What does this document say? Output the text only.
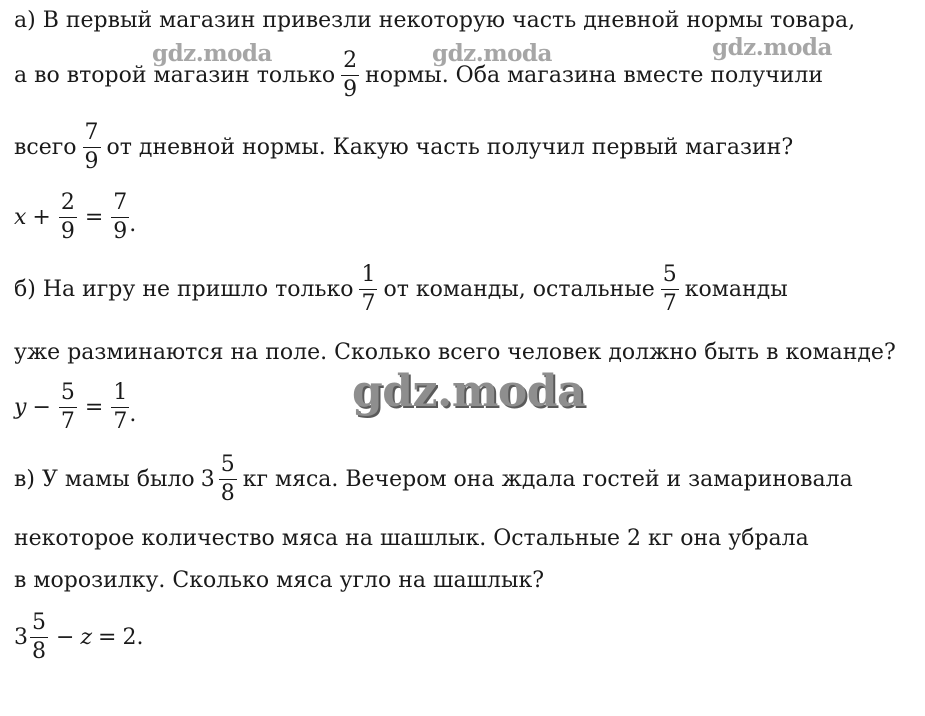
gdz.moda	gdz.moda	gdz.moda
gdz.moda
а) В первый магазин привезли некоторую часть дневной нормы товара,
а во второй магазин только $\frac{2}{9}$ нормы. Оба магазина вместе получили
всего $\frac{7}{9}$ от дневной нормы. Какую часть получил первый магазин?
$x + \frac{2}{9} = \frac{7}{9}$ .
б) На игру не пришло только $\frac{1}{7}$ от команды, остальные $\frac{5}{7}$ команды
уже разминаются на поле. Сколько всего человек должно быть в команде?
$y - \frac{5}{7} = \frac{1}{7}$ .
в) У мамы было $3 \frac{5}{8}$ кг мяса. Вечером она ждала гостей и замариновала
некоторое количество мяса на шашлык. Остальные 2 кг она убрала
в морозилку. Сколько мяса угло на шашлык?
$3 \frac{5}{8} - z = 2$ .
